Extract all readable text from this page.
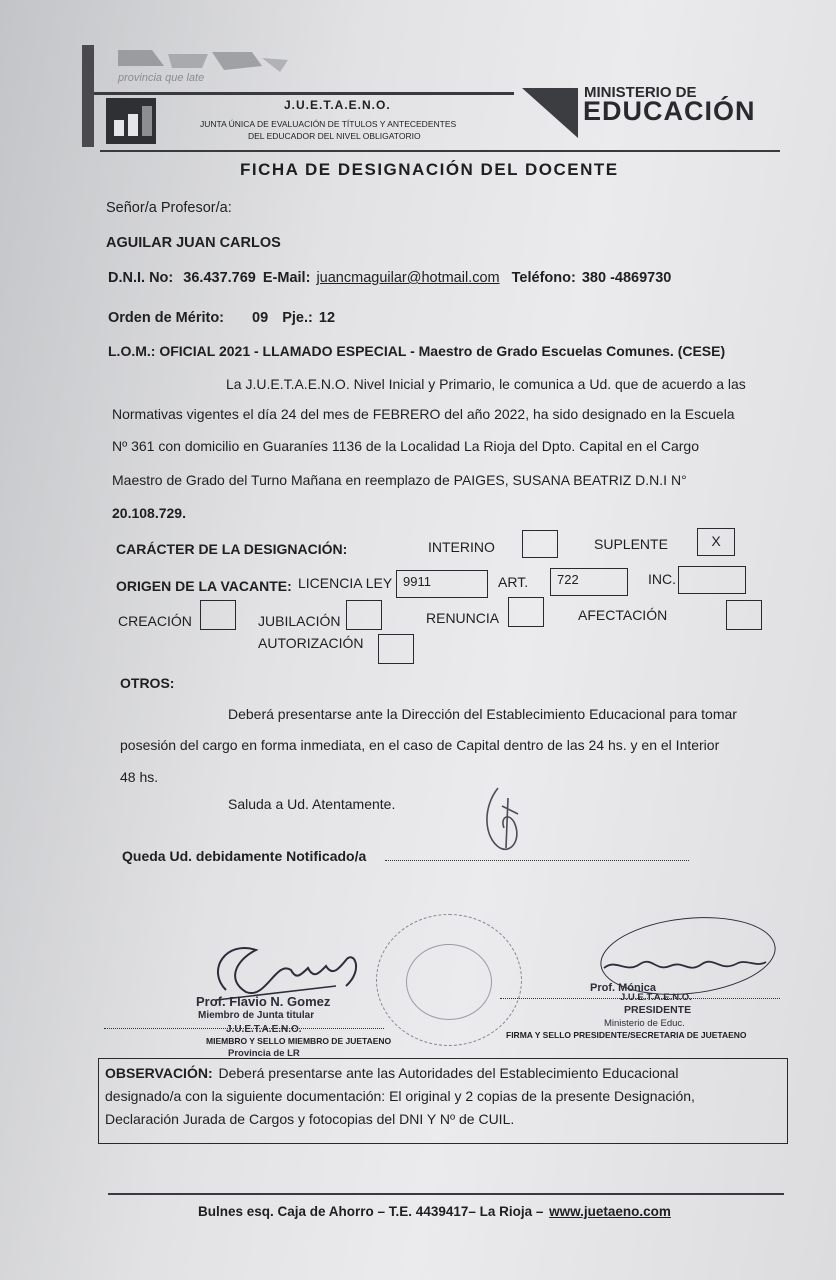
provincia que late
J.U.E.T.A.E.N.O.
JUNTA ÚNICA DE EVALUACIÓN DE TÍTULOS Y ANTECEDENTES
DEL EDUCADOR DEL NIVEL OBLIGATORIO
MINISTERIO DE
EDUCACIÓN
FICHA DE DESIGNACIÓN DEL DOCENTE
Señor/a Profesor/a:
AGUILAR JUAN CARLOS
D.N.I. No: 36.437.769 E-Mail: juancmaguilar@hotmail.com Teléfono: 380 -4869730
Orden de Mérito: 09 Pje.: 12
L.O.M.: OFICIAL 2021 - LLAMADO ESPECIAL - Maestro de Grado Escuelas Comunes. (CESE)
La J.U.E.T.A.E.N.O. Nivel Inicial y Primario, le comunica a Ud. que de acuerdo a las
Normativas vigentes el día 24 del mes de FEBRERO del año 2022, ha sido designado en la Escuela
Nº 361 con domicilio en Guaraníes 1136 de la Localidad La Rioja del Dpto. Capital en el Cargo
Maestro de Grado del Turno Mañana en reemplazo de PAIGES, SUSANA BEATRIZ D.N.I N°
20.108.729.
CARÁCTER DE LA DESIGNACIÓN:	INTERINO	SUPLENTE	X
ORIGEN DE LA VACANTE: LICENCIA LEY 9911	ART.	722	INC.
CREACIÓN	JUBILACIÓN	RENUNCIA	AFECTACIÓN
AUTORIZACIÓN
OTROS:
Deberá presentarse ante la Dirección del Establecimiento Educacional para tomar
posesión del cargo en forma inmediata, en el caso de Capital dentro de las 24 hs. y en el Interior
48 hs.
Saluda a Ud. Atentamente.
Queda Ud. debidamente Notificado/a
Prof. Flavio N. Gomez
Miembro de Junta titular
J.U.E.T.A.E.N.O.
MIEMBRO Y SELLO MIEMBRO DE JUETAENO
Provincia de LR
Prof. Mónica
J.U.E.T.A.E.N.O.
PRESIDENTE
Ministerio de Educ.
FIRMA Y SELLO PRESIDENTE/SECRETARIA DE JUETAENO
OBSERVACIÓN: Deberá presentarse ante las Autoridades del Establecimiento Educacional
designado/a con la siguiente documentación: El original y 2 copias de la presente Designación,
Declaración Jurada de Cargos y fotocopias del DNI Y Nº de CUIL.
Bulnes esq. Caja de Ahorro – T.E. 4439417– La Rioja – www.juetaeno.com
